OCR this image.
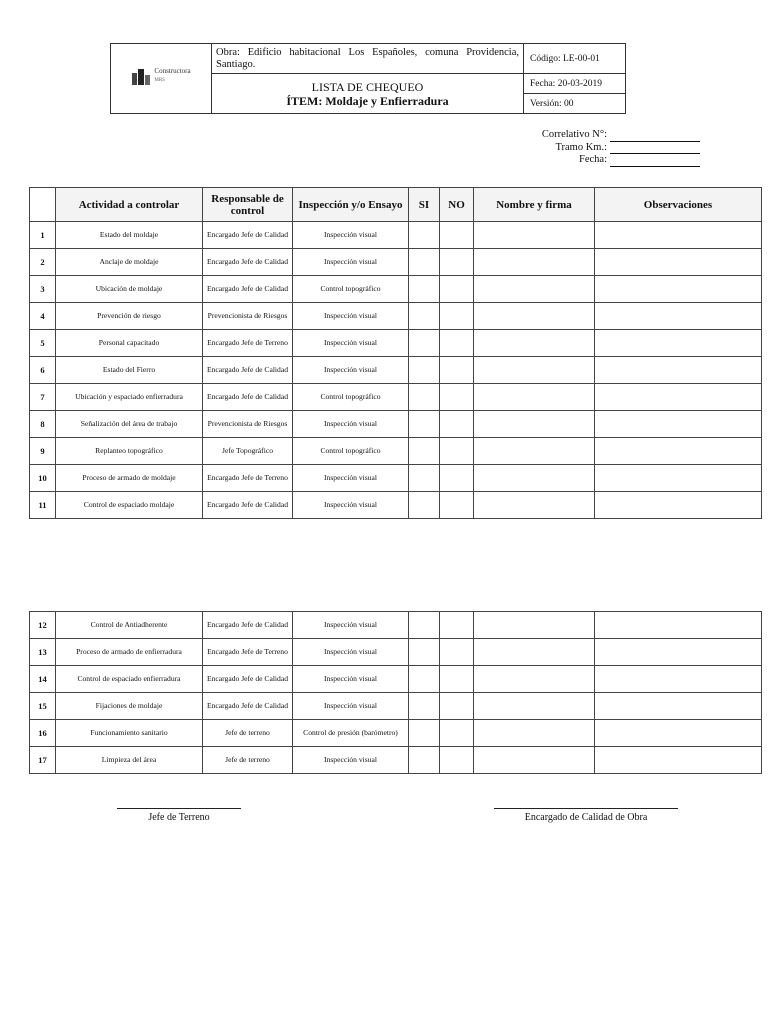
Constructora
MRS	Obra: Edificio habitacional Los Españoles, comuna Providencia, Santiago.	Código: LE-00-01

	LISTA DE CHEQUEO
ÍTEM: Moldaje y Enfierradura	Fecha: 20-03-2019
		Versión: 00
Correlativo N°:
Tramo Km.:
Fecha:
	Actividad a controlar	Responsable de control	Inspección y/o Ensayo	SI	NO	Nombre y firma	Observaciones
1	Estado del moldaje	Encargado Jefe de Calidad	Inspección visual				
2	Anclaje de moldaje	Encargado Jefe de Calidad	Inspección visual				
3	Ubicación de moldaje	Encargado Jefe de Calidad	Control topográfico				
4	Prevención de riesgo	Prevencionista de Riesgos	Inspección visual				
5	Personal capacitado	Encargado Jefe de Terreno	Inspección visual				
6	Estado del Fierro	Encargado Jefe de Calidad	Inspección visual				
7	Ubicación y espaciado enfierradura	Encargado Jefe de Calidad	Control topográfico				
8	Señalización del área de trabajo	Prevencionista de Riesgos	Inspección visual				
9	Replanteo topográfico	Jefe Topográfico	Control topográfico				
10	Proceso de armado de moldaje	Encargado Jefe de Terreno	Inspección visual				
11	Control de espaciado moldaje	Encargado Jefe de Calidad	Inspección visual				
12	Control de Antiadherente	Encargado Jefe de Calidad	Inspección visual				
13	Proceso de armado de enfierradura	Encargado Jefe de Terreno	Inspección visual				
14	Control de espaciado enfierradura	Encargado Jefe de Calidad	Inspección visual				
15	Fijaciones de moldaje	Encargado Jefe de Calidad	Inspección visual				
16	Funcionamiento sanitario	Jefe de terreno	Control de presión (barómetro)				
17	Limpieza del área	Jefe de terreno	Inspección visual				
Jefe de Terreno	Encargado de Calidad de Obra
